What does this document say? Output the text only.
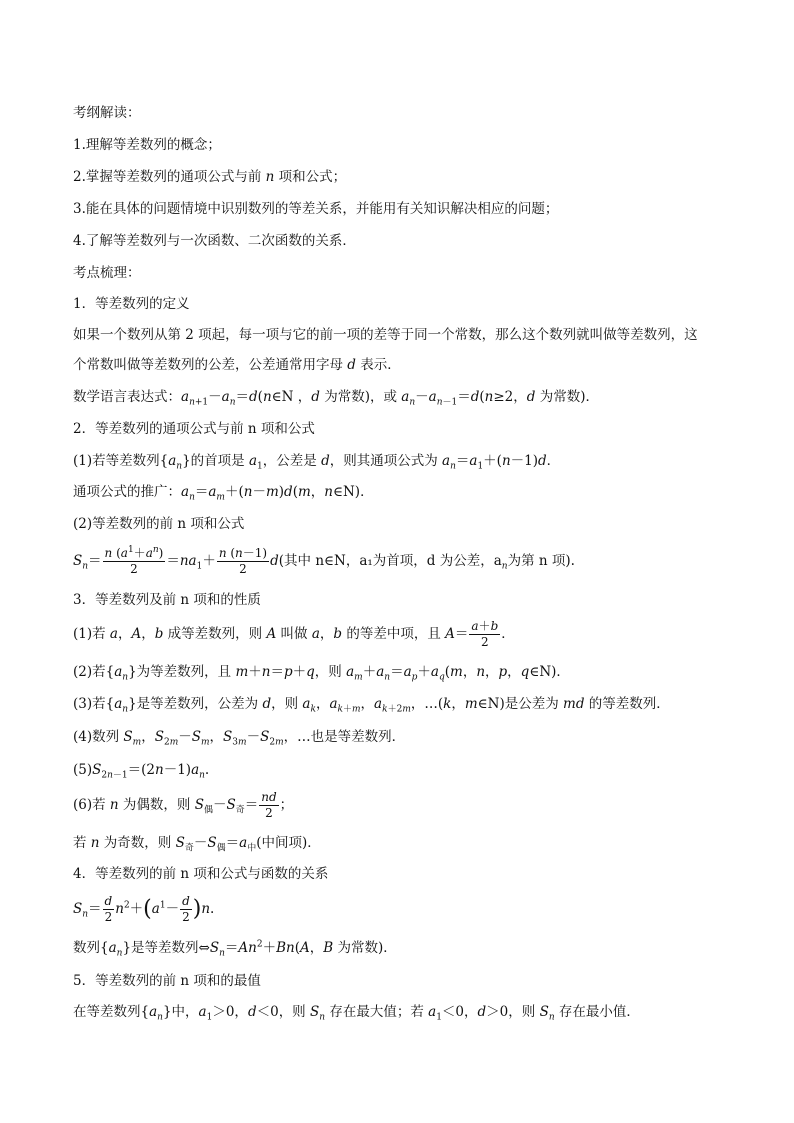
考纲解读：
1.理解等差数列的概念；
2.掌握等差数列的通项公式与前 n 项和公式；
3.能在具体的问题情境中识别数列的等差关系，并能用有关知识解决相应的问题；
4.了解等差数列与一次函数、二次函数的关系．
考点梳理：
1．等差数列的定义
如果一个数列从第 2 项起，每一项与它的前一项的差等于同一个常数，那么这个数列就叫做等差数列，这
个常数叫做等差数列的公差，公差通常用字母 d 表示．
数学语言表达式：$a_{n+1}-a_n=d(n\in N$ ，d 为常数)，或 $a_n-a_{n-1}=d(n\ge 2$，d 为常数)．
2．等差数列的通项公式与前 n 项和公式
(1)若等差数列$\{a_n\}$的首项是 $a_1$，公差是 d，则其通项公式为 $a_n=a_1+(n-1)d$．
通项公式的推广：$a_n=a_m+(n-m)d(m$，n∈N)．
(2)等差数列的前 n 项和公式
$S_n= \frac{n (a^1+a^n)}{2} =na_1+ \frac{n (n-1)}{2} d$(其中 n∈N，a₁为首项，d 为公差，$a_n$为第 n 项).
3．等差数列及前 n 项和的性质
(1)若 a，A，b 成等差数列，则 A 叫做 a，b 的等差中项，且 $A= \frac{a+b}{2}$ ．
(2)若$\{a_n\}$为等差数列，且 m＋n＝p＋q，则 $a_m+a_n=a_p+a_q(m$，n，p，q∈N)．
(3)若$\{a_n\}$是等差数列，公差为 d，则 $a_k$，$a_{k+m}$，$a_{k+2m}$，…(k，m∈N)是公差为 md 的等差数列．
(4)数列 $S_m$，$S_{2m}-S_m$，$S_{3m}-S_{2m}$，…也是等差数列．
$(5)S_{2n-1}=(2n-1)a_n$.
(6)若 n 为偶数，则 $S_偶-S_奇= \frac{nd}{2}$ ；
若 n 为奇数，则 $S_奇-S_偶=a_中$(中间项)．
4．等差数列的前 n 项和公式与函数的关系
$S_n= \frac{d}{2} n^2+(a^1- \frac{d}{2} )n$.
数列$\{a_n\}$是等差数列$\Leftrightarrow S_n=An^2+Bn(A$，B 为常数)．
5．等差数列的前 n 项和的最值
在等差数列$\{a_n\}$中，$a_1>0$，d＜0，则 $S_n$ 存在最大值；若 $a_1<0$，d＞0，则 $S_n$ 存在最小值．
